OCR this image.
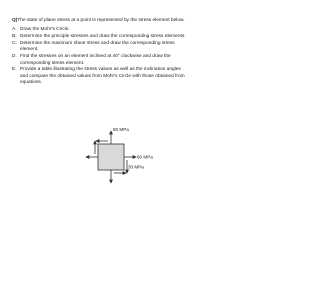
Q)The state of plane stress at a point is represented by the stress element below.
A. Draw the Mohr's Circle.
B. Determine the principle stresses and draw the corresponding stress elements.
C. Determine the maximum shear stress and draw the corresponding stress element.
D. Find the stresses on an element inclined at 40° clockwise and draw the corresponding stress element.
E. Provide a table illustrating the stress values as well as the inclination angles and compare the obtained values from Mohr's Circle with those obtained from equations.
80 MPa
60 MPa
30 MPa
